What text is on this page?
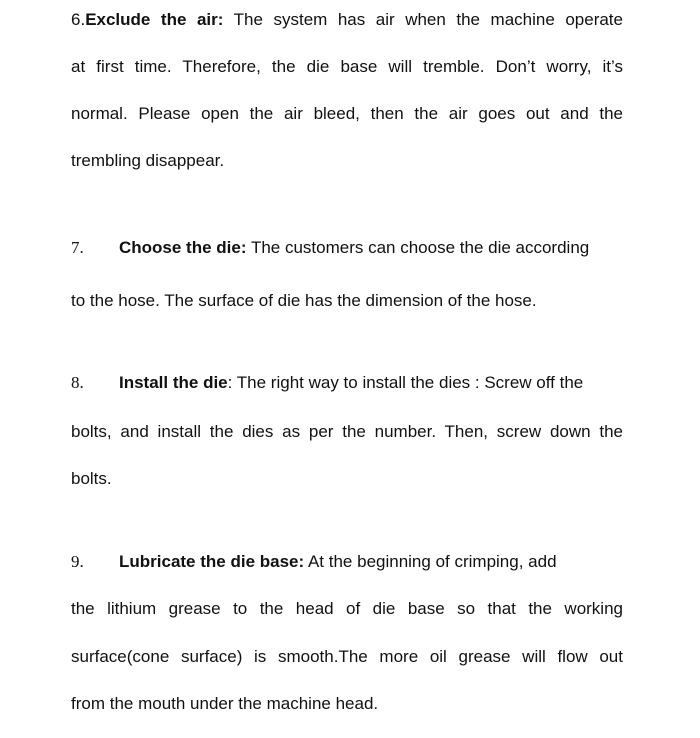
6.Exclude the air: The system has air when the machine operate
at first time. Therefore, the die base will tremble. Don’t worry, it’s
normal. Please open the air bleed, then the air goes out and the
trembling disappear.
7. Choose the die: The customers can choose the die according
to the hose. The surface of die has the dimension of the hose.
8. Install the die: The right way to install the dies : Screw off the
bolts, and install the dies as per the number. Then, screw down the
bolts.
9. Lubricate the die base: At the beginning of crimping, add
the lithium grease to the head of die base so that the working
surface(cone surface) is smooth.The more oil grease will flow out
from the mouth under the machine head.
